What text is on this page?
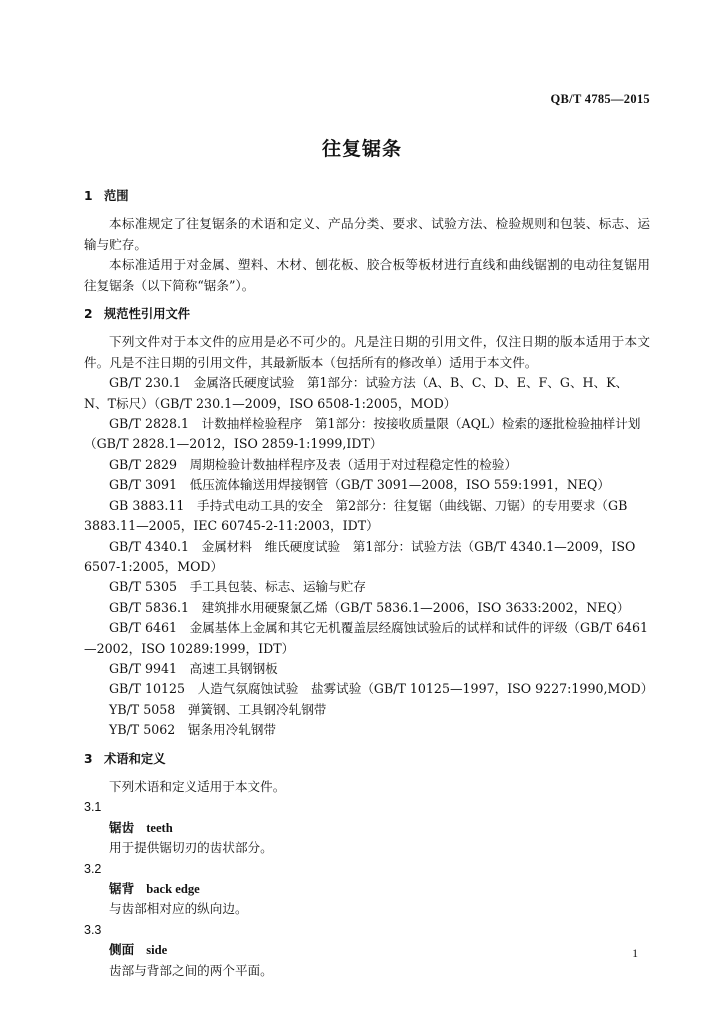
QB/T 4785—2015
往复锯条

1 范围

本标准规定了往复锯条的术语和定义、产品分类、要求、试验方法、检验规则和包装、标志、运输与贮存。

本标准适用于对金属、塑料、木材、刨花板、胶合板等板材进行直线和曲线锯割的电动往复锯用往复锯条（以下简称“锯条”）。

2 规范性引用文件

下列文件对于本文件的应用是必不可少的。凡是注日期的引用文件，仅注日期的版本适用于本文件。凡是不注日期的引用文件，其最新版本（包括所有的修改单）适用于本文件。

GB/T 230.1　金属洛氏硬度试验　第1部分：试验方法（A、B、C、D、E、F、G、H、K、N、T标尺）（GB/T 230.1—2009，ISO 6508-1:2005，MOD）

GB/T 2828.1　计数抽样检验程序　第1部分：按接收质量限（AQL）检索的逐批检验抽样计划（GB/T 2828.1—2012，ISO 2859-1:1999,IDT）

GB/T 2829　周期检验计数抽样程序及表（适用于对过程稳定性的检验）

GB/T 3091　低压流体输送用焊接钢管（GB/T 3091—2008，ISO 559:1991，NEQ）

GB 3883.11　手持式电动工具的安全　第2部分：往复锯（曲线锯、刀锯）的专用要求（GB 3883.11—2005，IEC 60745-2-11:2003，IDT）

GB/T 4340.1　金属材料　维氏硬度试验　第1部分：试验方法（GB/T 4340.1—2009，ISO 6507-1:2005，MOD）

GB/T 5305　手工具包装、标志、运输与贮存

GB/T 5836.1　建筑排水用硬聚氯乙烯（GB/T 5836.1—2006，ISO 3633:2002，NEQ）

GB/T 6461　金属基体上金属和其它无机覆盖层经腐蚀试验后的试样和试件的评级（GB/T 6461—2002，ISO 10289:1999，IDT）

GB/T 9941　高速工具钢钢板

GB/T 10125　人造气氛腐蚀试验　盐雾试验（GB/T 10125—1997，ISO 9227:1990,MOD）

YB/T 5058　弹簧钢、工具钢冷轧钢带

YB/T 5062　锯条用冷轧钢带

3 术语和定义

下列术语和定义适用于本文件。

3.1

锯齿 teeth

用于提供锯切刃的齿状部分。

3.2

锯背 back edge

与齿部相对应的纵向边。

3.3

侧面 side

齿部与背部之间的两个平面。

1
